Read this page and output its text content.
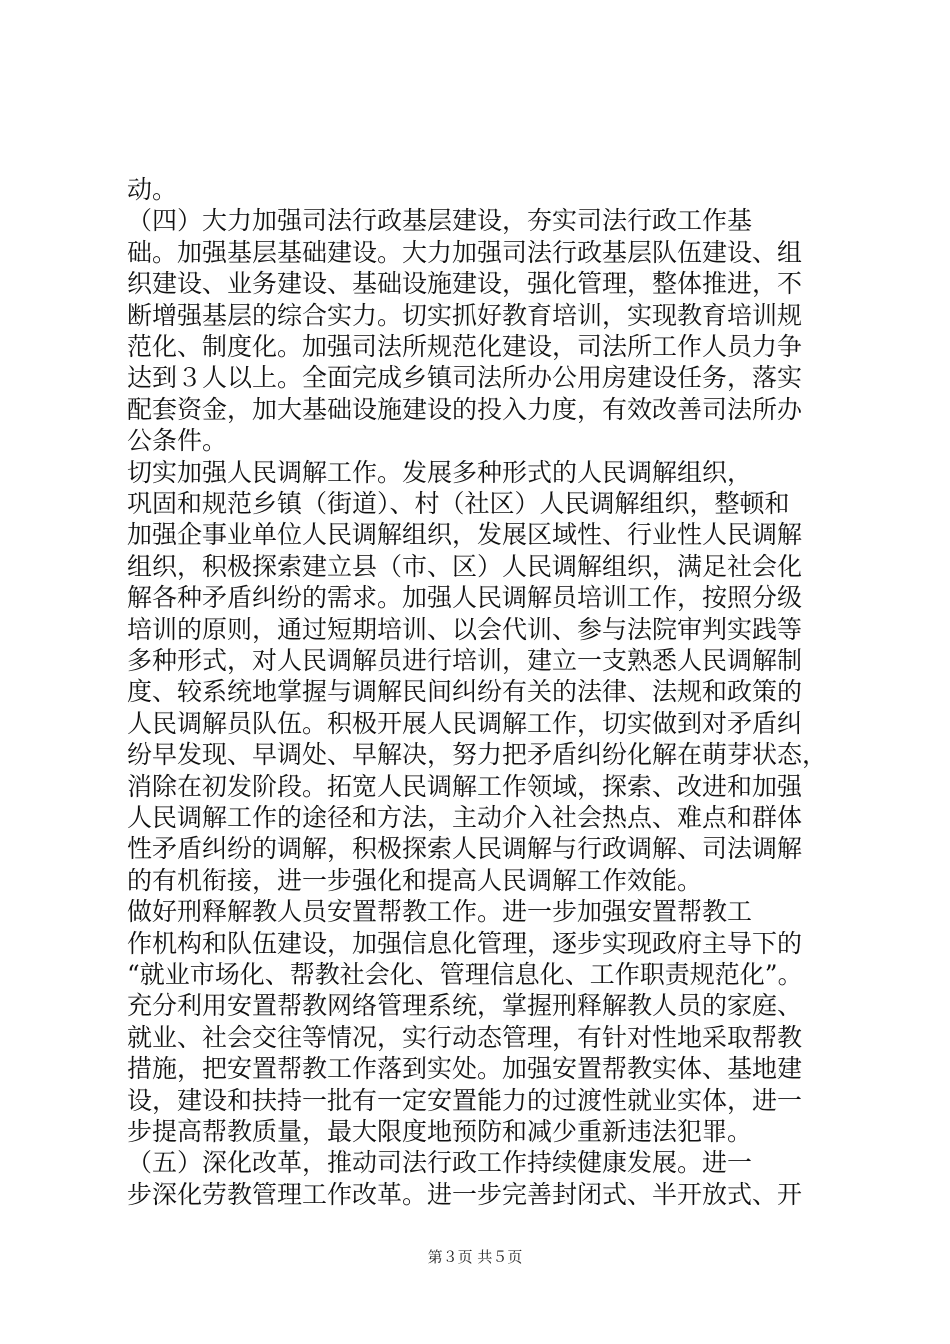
动。
（四）大力加强司法行政基层建设，夯实司法行政工作基
础。加强基层基础建设。大力加强司法行政基层队伍建设、组
织建设、业务建设、基础设施建设，强化管理，整体推进，不
断增强基层的综合实力。切实抓好教育培训，实现教育培训规
范化、制度化。加强司法所规范化建设，司法所工作人员力争
达到３人以上。全面完成乡镇司法所办公用房建设任务，落实
配套资金，加大基础设施建设的投入力度，有效改善司法所办
公条件。
切实加强人民调解工作。发展多种形式的人民调解组织，
巩固和规范乡镇（街道）、村（社区）人民调解组织，整顿和
加强企事业单位人民调解组织，发展区域性、行业性人民调解
组织，积极探索建立县（市、区）人民调解组织，满足社会化
解各种矛盾纠纷的需求。加强人民调解员培训工作，按照分级
培训的原则，通过短期培训、以会代训、参与法院审判实践等
多种形式，对人民调解员进行培训，建立一支熟悉人民调解制
度、较系统地掌握与调解民间纠纷有关的法律、法规和政策的
人民调解员队伍。积极开展人民调解工作，切实做到对矛盾纠
纷早发现、早调处、早解决，努力把矛盾纠纷化解在萌芽状态，
消除在初发阶段。拓宽人民调解工作领域，探索、改进和加强
人民调解工作的途径和方法，主动介入社会热点、难点和群体
性矛盾纠纷的调解，积极探索人民调解与行政调解、司法调解
的有机衔接，进一步强化和提高人民调解工作效能。
做好刑释解教人员安置帮教工作。进一步加强安置帮教工
作机构和队伍建设，加强信息化管理，逐步实现政府主导下的
“就业市场化、帮教社会化、管理信息化、工作职责规范化”。
充分利用安置帮教网络管理系统，掌握刑释解教人员的家庭、
就业、社会交往等情况，实行动态管理，有针对性地采取帮教
措施，把安置帮教工作落到实处。加强安置帮教实体、基地建
设，建设和扶持一批有一定安置能力的过渡性就业实体，进一
步提高帮教质量，最大限度地预防和减少重新违法犯罪。
（五）深化改革，推动司法行政工作持续健康发展。进一
步深化劳教管理工作改革。进一步完善封闭式、半开放式、开
第３页 共５页
